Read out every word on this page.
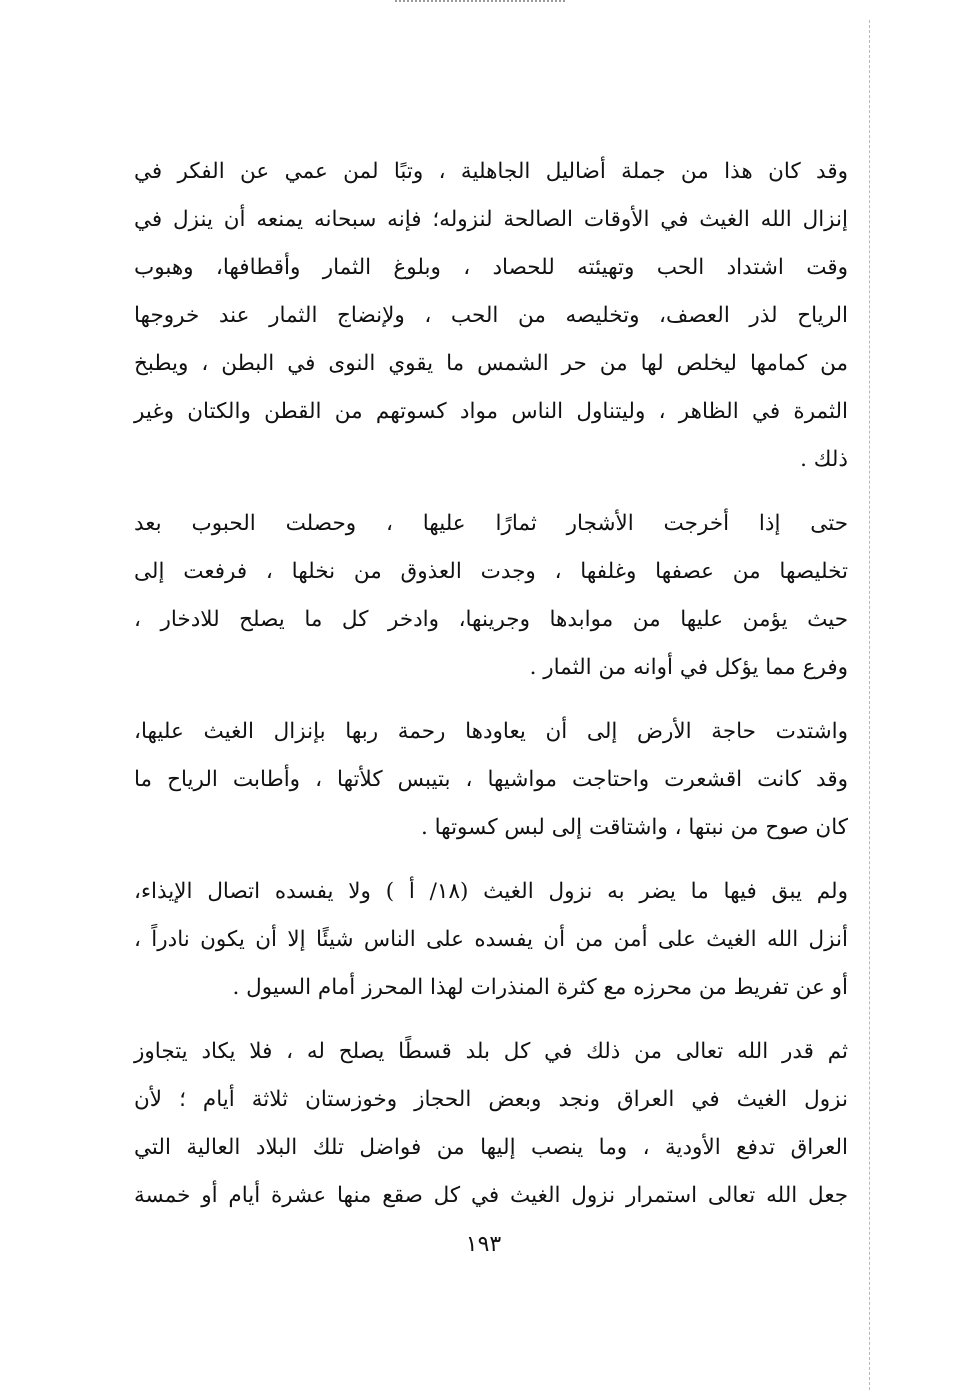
وقد كان هذا من جملة أضاليل الجاهلية ، وتبًا لمن عمي عن الفكر في
إنزال الله الغيث في الأوقات الصالحة لنزوله؛ فإنه سبحانه يمنعه أن ينزل في
وقت اشتداد الحب وتهيئته للحصاد ، وبلوغ الثمار وأقطافها، وهبوب
الرياح لذر العصف، وتخليصه من الحب ، ولإنضاج الثمار عند خروجها
من كمامها ليخلص لها من حر الشمس ما يقوي النوى في البطن ، ويطبخ
الثمرة في الظاهر ، وليتناول الناس مواد كسوتهم من القطن والكتان وغير
ذلك .

حتى إذا أخرجت الأشجار ثمارًا عليها ، وحصلت الحبوب بعد
تخليصها من عصفها وغلفها ، وجدت العذوق من نخلها ، فرفعت إلى
حيث يؤمن عليها من موابدها وجرينها، وادخر كل ما يصلح للادخار ،
وفرع مما يؤكل في أوانه من الثمار .

واشتدت حاجة الأرض إلى أن يعاودها رحمة ربها بإنزال الغيث عليها،
وقد كانت اقشعرت واحتاجت مواشيها ، بتيبس كلأتها ، وأطابت الرياح ما
كان صوح من نبتها ، واشتاقت إلى لبس كسوتها .

ولم يبق فيها ما يضر به نزول الغيث (١٨/ أ ) ولا يفسده اتصال الإيذاء،
أنزل الله الغيث على أمن من أن يفسده على الناس شيئًا إلا أن يكون نادراً ،
أو عن تفريط من محرزه مع كثرة المنذرات لهذا المحرز أمام السيول .

ثم قدر الله تعالى من ذلك في كل بلد قسطًا يصلح له ، فلا يكاد يتجاوز
نزول الغيث في العراق ونجد وبعض الحجاز وخوزستان ثلاثة أيام ؛ لأن
العراق تدفع الأودية ، وما ينصب إليها من فواضل تلك البلاد العالية التي
جعل الله تعالى استمرار نزول الغيث في كل صقع منها عشرة أيام أو خمسة

١٩٣
